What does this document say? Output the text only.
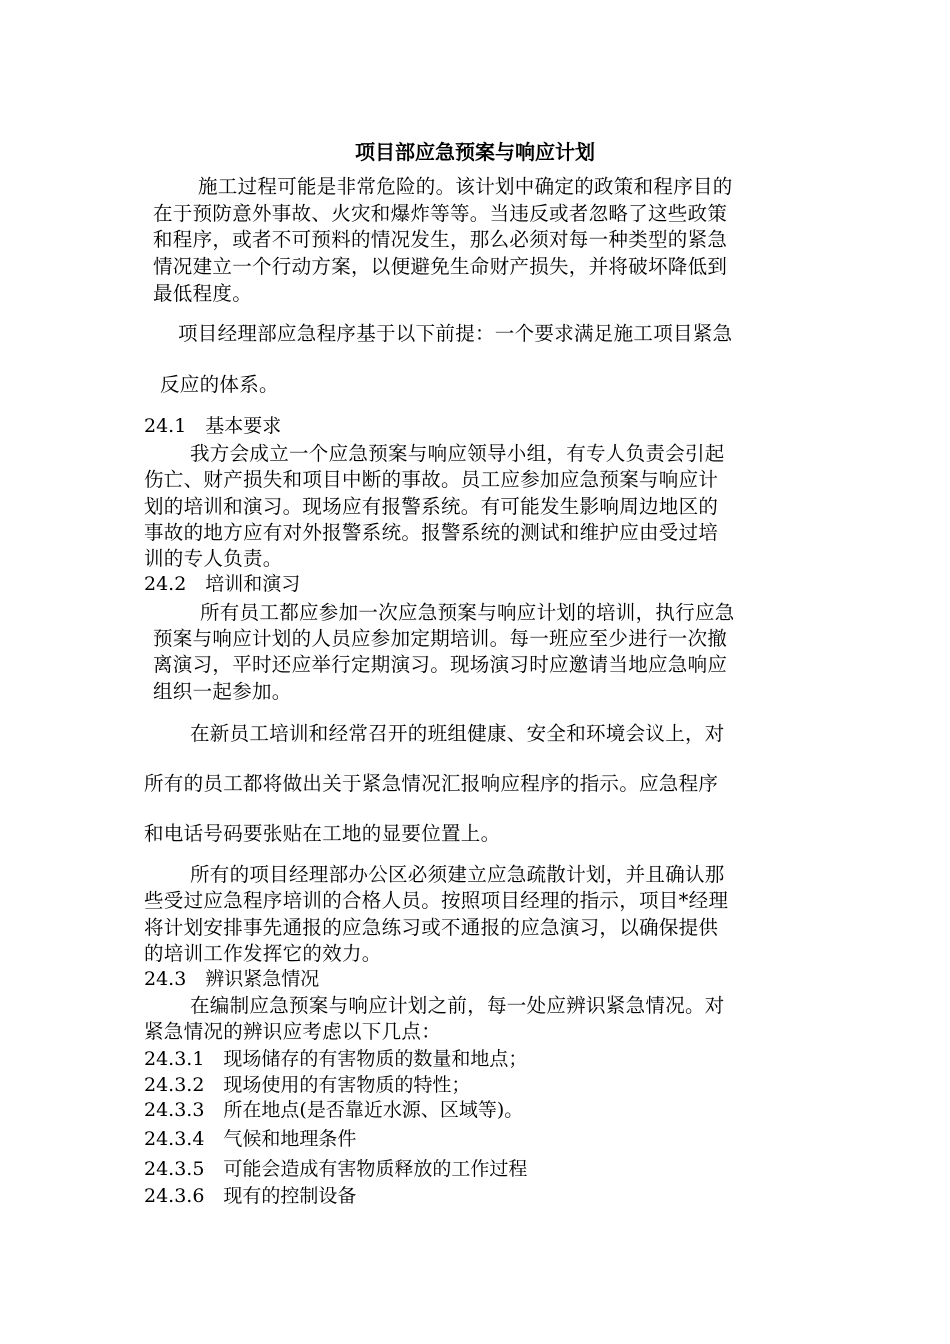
项目部应急预案与响应计划
施工过程可能是非常危险的。该计划中确定的政策和程序目的
在于预防意外事故、火灾和爆炸等等。当违反或者忽略了这些政策
和程序，或者不可预料的情况发生，那么必须对每一种类型的紧急
情况建立一个行动方案，以便避免生命财产损失，并将破坏降低到
最低程度。
项目经理部应急程序基于以下前提：一个要求满足施工项目紧急
反应的体系。
24.1　基本要求
我方会成立一个应急预案与响应领导小组，有专人负责会引起
伤亡、财产损失和项目中断的事故。员工应参加应急预案与响应计
划的培训和演习。现场应有报警系统。有可能发生影响周边地区的
事故的地方应有对外报警系统。报警系统的测试和维护应由受过培
训的专人负责。
24.2　培训和演习
所有员工都应参加一次应急预案与响应计划的培训，执行应急
预案与响应计划的人员应参加定期培训。每一班应至少进行一次撤
离演习，平时还应举行定期演习。现场演习时应邀请当地应急响应
组织一起参加。
在新员工培训和经常召开的班组健康、安全和环境会议上，对
所有的员工都将做出关于紧急情况汇报响应程序的指示。应急程序
和电话号码要张贴在工地的显要位置上。
所有的项目经理部办公区必须建立应急疏散计划，并且确认那
些受过应急程序培训的合格人员。按照项目经理的指示，项目*经理
将计划安排事先通报的应急练习或不通报的应急演习，以确保提供
的培训工作发挥它的效力。
24.3　辨识紧急情况
在编制应急预案与响应计划之前，每一处应辨识紧急情况。对
紧急情况的辨识应考虑以下几点：
24.3.1　现场储存的有害物质的数量和地点；
24.3.2　现场使用的有害物质的特性；
24.3.3　所在地点(是否靠近水源、区域等)。
24.3.4　气候和地理条件
24.3.5　可能会造成有害物质释放的工作过程
24.3.6　现有的控制设备
